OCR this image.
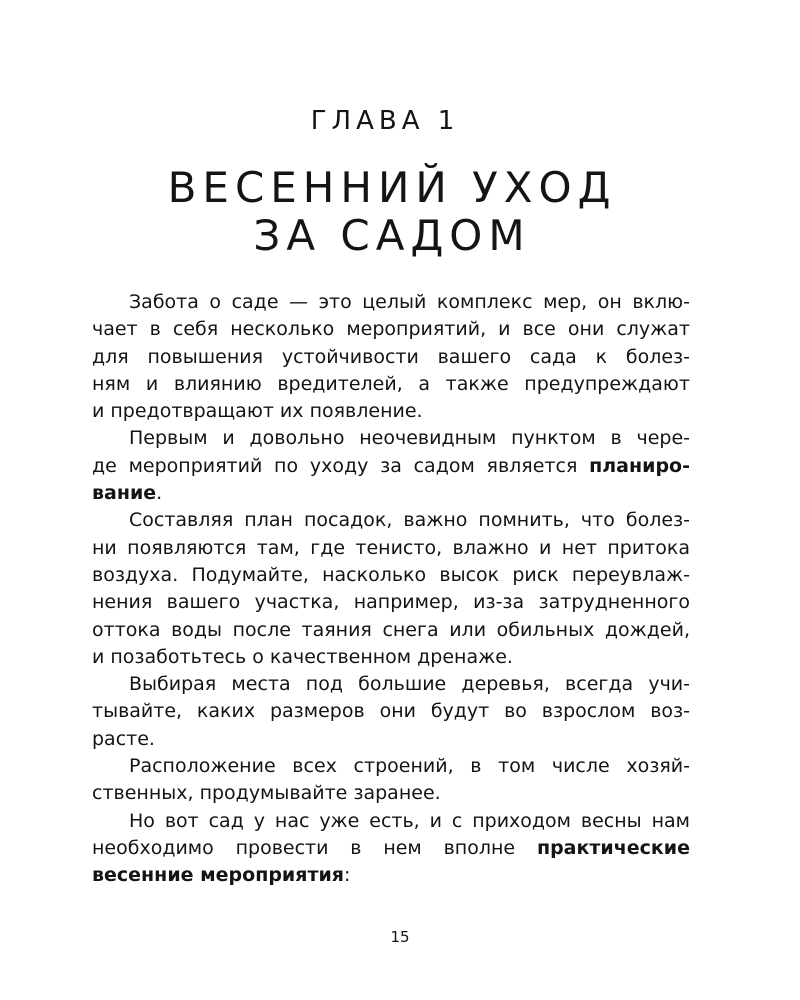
ГЛАВА 1
ВЕСЕННИЙ УХОД
ЗА САДОМ
Забота о саде — это целый комплекс мер, он вклю-
чает в себя несколько мероприятий, и все они служат
для повышения устойчивости вашего сада к болез-
ням и влиянию вредителей, а также предупреждают
и предотвращают их появление.
Первым и довольно неочевидным пунктом в чере-
де мероприятий по уходу за садом является планиро-
вание.
Составляя план посадок, важно помнить, что болез-
ни появляются там, где тенисто, влажно и нет притока
воздуха. Подумайте, насколько высок риск переувлаж-
нения вашего участка, например, из-за затрудненного
оттока воды после таяния снега или обильных дождей,
и позаботьтесь о качественном дренаже.
Выбирая места под большие деревья, всегда учи-
тывайте, каких размеров они будут во взрослом воз-
расте.
Расположение всех строений, в том числе хозяй-
ственных, продумывайте заранее.
Но вот сад у нас уже есть, и с приходом весны нам
необходимо провести в нем вполне практические
весенние мероприятия:
15
